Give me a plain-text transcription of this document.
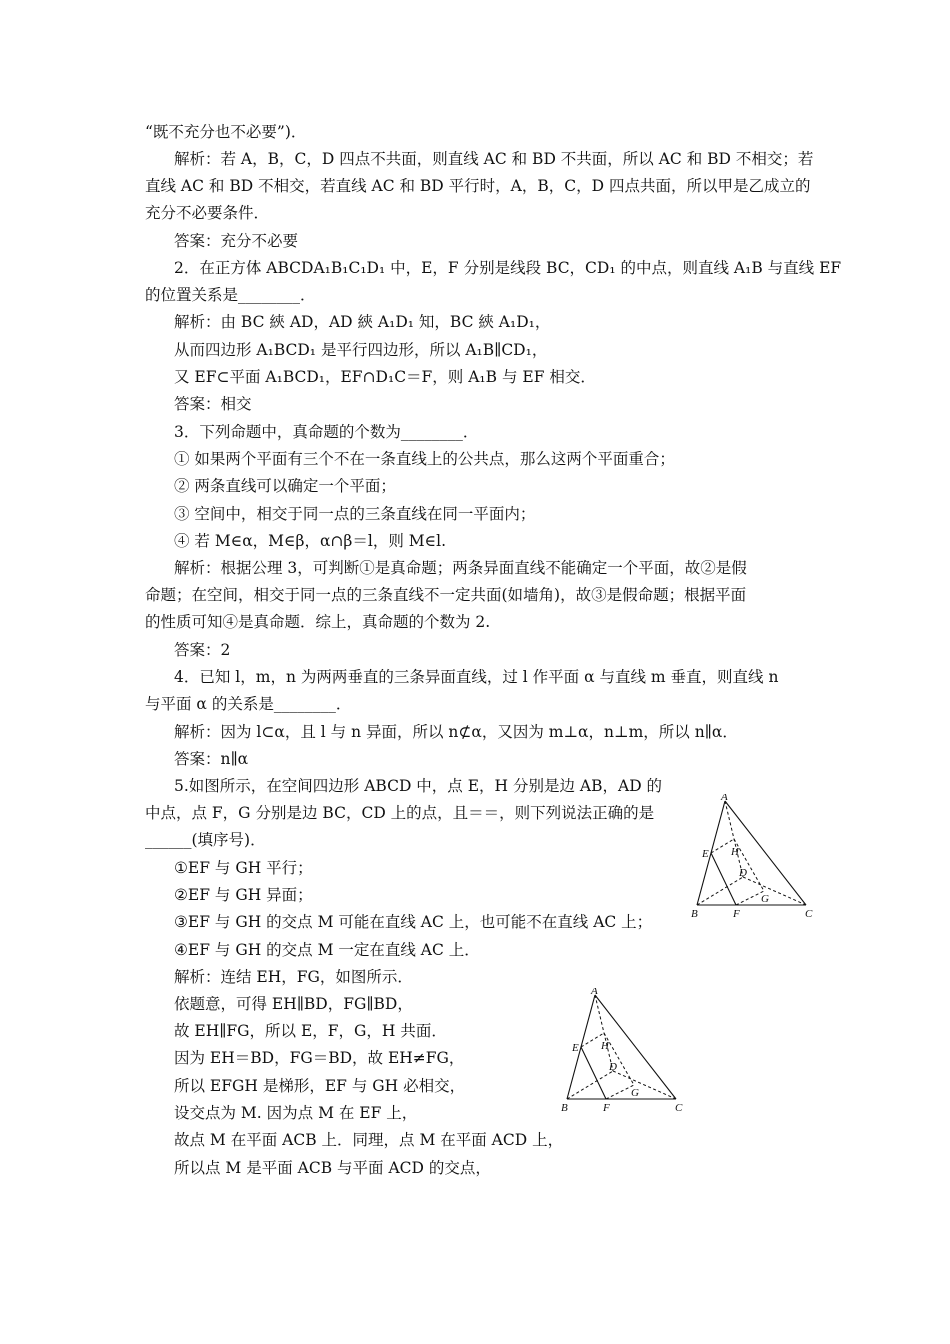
“既不充分也不必要”)．
解析：若 A，B，C，D 四点不共面，则直线 AC 和 BD 不共面，所以 AC 和 BD 不相交；若
直线 AC 和 BD 不相交，若直线 AC 和 BD 平行时，A，B，C，D 四点共面，所以甲是乙成立的
充分不必要条件．
答案：充分不必要
2．在正方体 ABCDA₁B₁C₁D₁ 中，E，F 分别是线段 BC，CD₁ 的中点，则直线 A₁B 与直线 EF
的位置关系是________．
解析：由 BC 綊 AD，AD 綊 A₁D₁ 知，BC 綊 A₁D₁，
从而四边形 A₁BCD₁ 是平行四边形，所以 A₁B∥CD₁，
又 EF⊂平面 A₁BCD₁，EF∩D₁C＝F，则 A₁B 与 EF 相交．
答案：相交
3．下列命题中，真命题的个数为________．
① 如果两个平面有三个不在一条直线上的公共点，那么这两个平面重合；
② 两条直线可以确定一个平面；
③ 空间中，相交于同一点的三条直线在同一平面内；
④ 若 M∈α，M∈β，α∩β＝l，则 M∈l.
解析：根据公理 3，可判断①是真命题；两条异面直线不能确定一个平面，故②是假
命题；在空间，相交于同一点的三条直线不一定共面(如墙角)，故③是假命题；根据平面
的性质可知④是真命题．综上，真命题的个数为 2.
答案：2
4．已知 l，m，n 为两两垂直的三条异面直线，过 l 作平面 α 与直线 m 垂直，则直线 n
与平面 α 的关系是________．
解析：因为 l⊂α，且 l 与 n 异面，所以 n⊄α，又因为 m⊥α，n⊥m，所以 n∥α．
答案：n∥α
5.如图所示，在空间四边形 ABCD 中，点 E，H 分别是边 AB，AD 的
中点，点 F，G 分别是边 BC，CD 上的点，且＝＝，则下列说法正确的是
______(填序号)．
①EF 与 GH 平行；
②EF 与 GH 异面；
③EF 与 GH 的交点 M 可能在直线 AC 上，也可能不在直线 AC 上；
④EF 与 GH 的交点 M 一定在直线 AC 上．
解析：连结 EH，FG，如图所示．
依题意，可得 EH∥BD，FG∥BD，
故 EH∥FG，所以 E，F，G，H 共面．
因为 EH＝BD，FG＝BD，故 EH≠FG，
所以 EFGH 是梯形，EF 与 GH 必相交，
设交点为 M. 因为点 M 在 EF 上，
故点 M 在平面 ACB 上．同理，点 M 在平面 ACD 上，
所以点 M 是平面 ACB 与平面 ACD 的交点，
A
B	C
D
E
F
G
H
A
B	C
D
E
F
G
H
